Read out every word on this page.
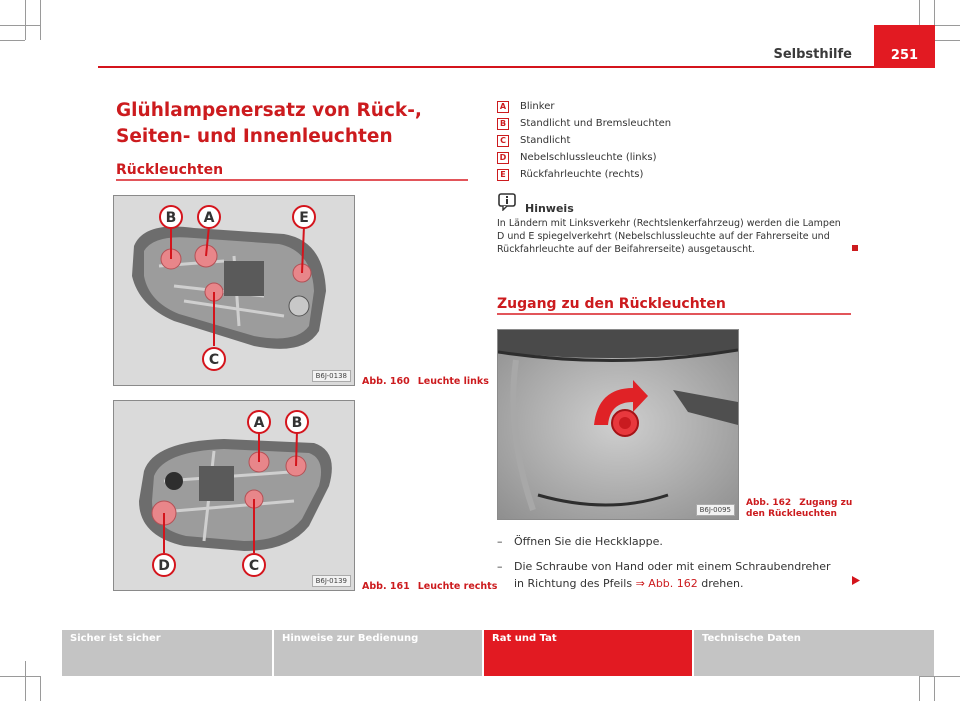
Selbsthilfe	251
Glühlampenersatz von Rück-, Seiten- und Innenleuchten
Rückleuchten
B A	E
C
B6J-0138	Abb. 160 Leuchte links
A B
D	C
B6J-0139	Abb. 161 Leuchte rechts
A Blinker
B Standlicht und Bremsleuchten
C	Standlicht
D Nebelschlussleuchte (links)
E	Rückfahrleuchte (rechts)
Hinweis
In Ländern mit Linksverkehr (Rechtslenkerfahrzeug) werden die Lampen D und E spiegelverkehrt (Nebelschlussleuchte auf der Fahrerseite und Rückfahrleuchte auf der Beifahrerseite) ausgetauscht.
Zugang zu den Rückleuchten
B6J-0095
Abb. 162 Zugang zu den Rückleuchten
–	Öffnen Sie die Heckklappe.
–	Die Schraube von Hand oder mit einem Schraubendreher in Richtung des Pfeils ⇒ Abb. 162 drehen.
Sicher ist sicher	Hinweise zur Bedienung	Rat und Tat	Technische Daten
